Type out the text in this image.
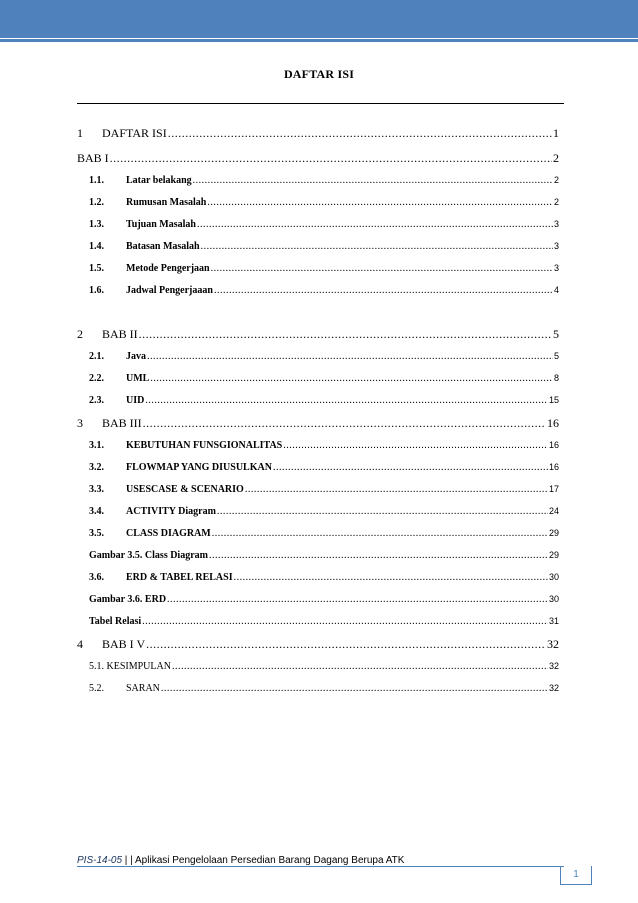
DAFTAR ISI
1 DAFTAR ISI .....	1
BAB I .....	2
1.1. Latar belakang .....	2
1.2. Rumusan Masalah .....	2
1.3. Tujuan Masalah .....	3
1.4. Batasan Masalah .....	3
1.5. Metode Pengerjaan .....	3
1.6. Jadwal Pengerjaaan .....	4
2 BAB II .....	5
2.1. Java .....	5
2.2. UML .....	8
2.3. UID .....	15
3 BAB III .....	16
3.1. KEBUTUHAN FUNSGIONALITAS .....	16
3.2. FLOWMAP YANG DIUSULKAN .....	16
3.3. USESCASE & SCENARIO .....	17
3.4. ACTIVITY Diagram .....	24
3.5. CLASS DIAGRAM .....	29
Gambar 3.5. Class Diagram .....	29
3.6. ERD & TABEL RELASI .....	30
Gambar 3.6. ERD .....	30
Tabel Relasi .....	31
4 BAB I V .....	32
5.1. KESIMPULAN .....	32
5.2. SARAN .....	32
PIS-14-05 | | Aplikasi Pengelolaan Persedian Barang Dagang Berupa ATK
1
